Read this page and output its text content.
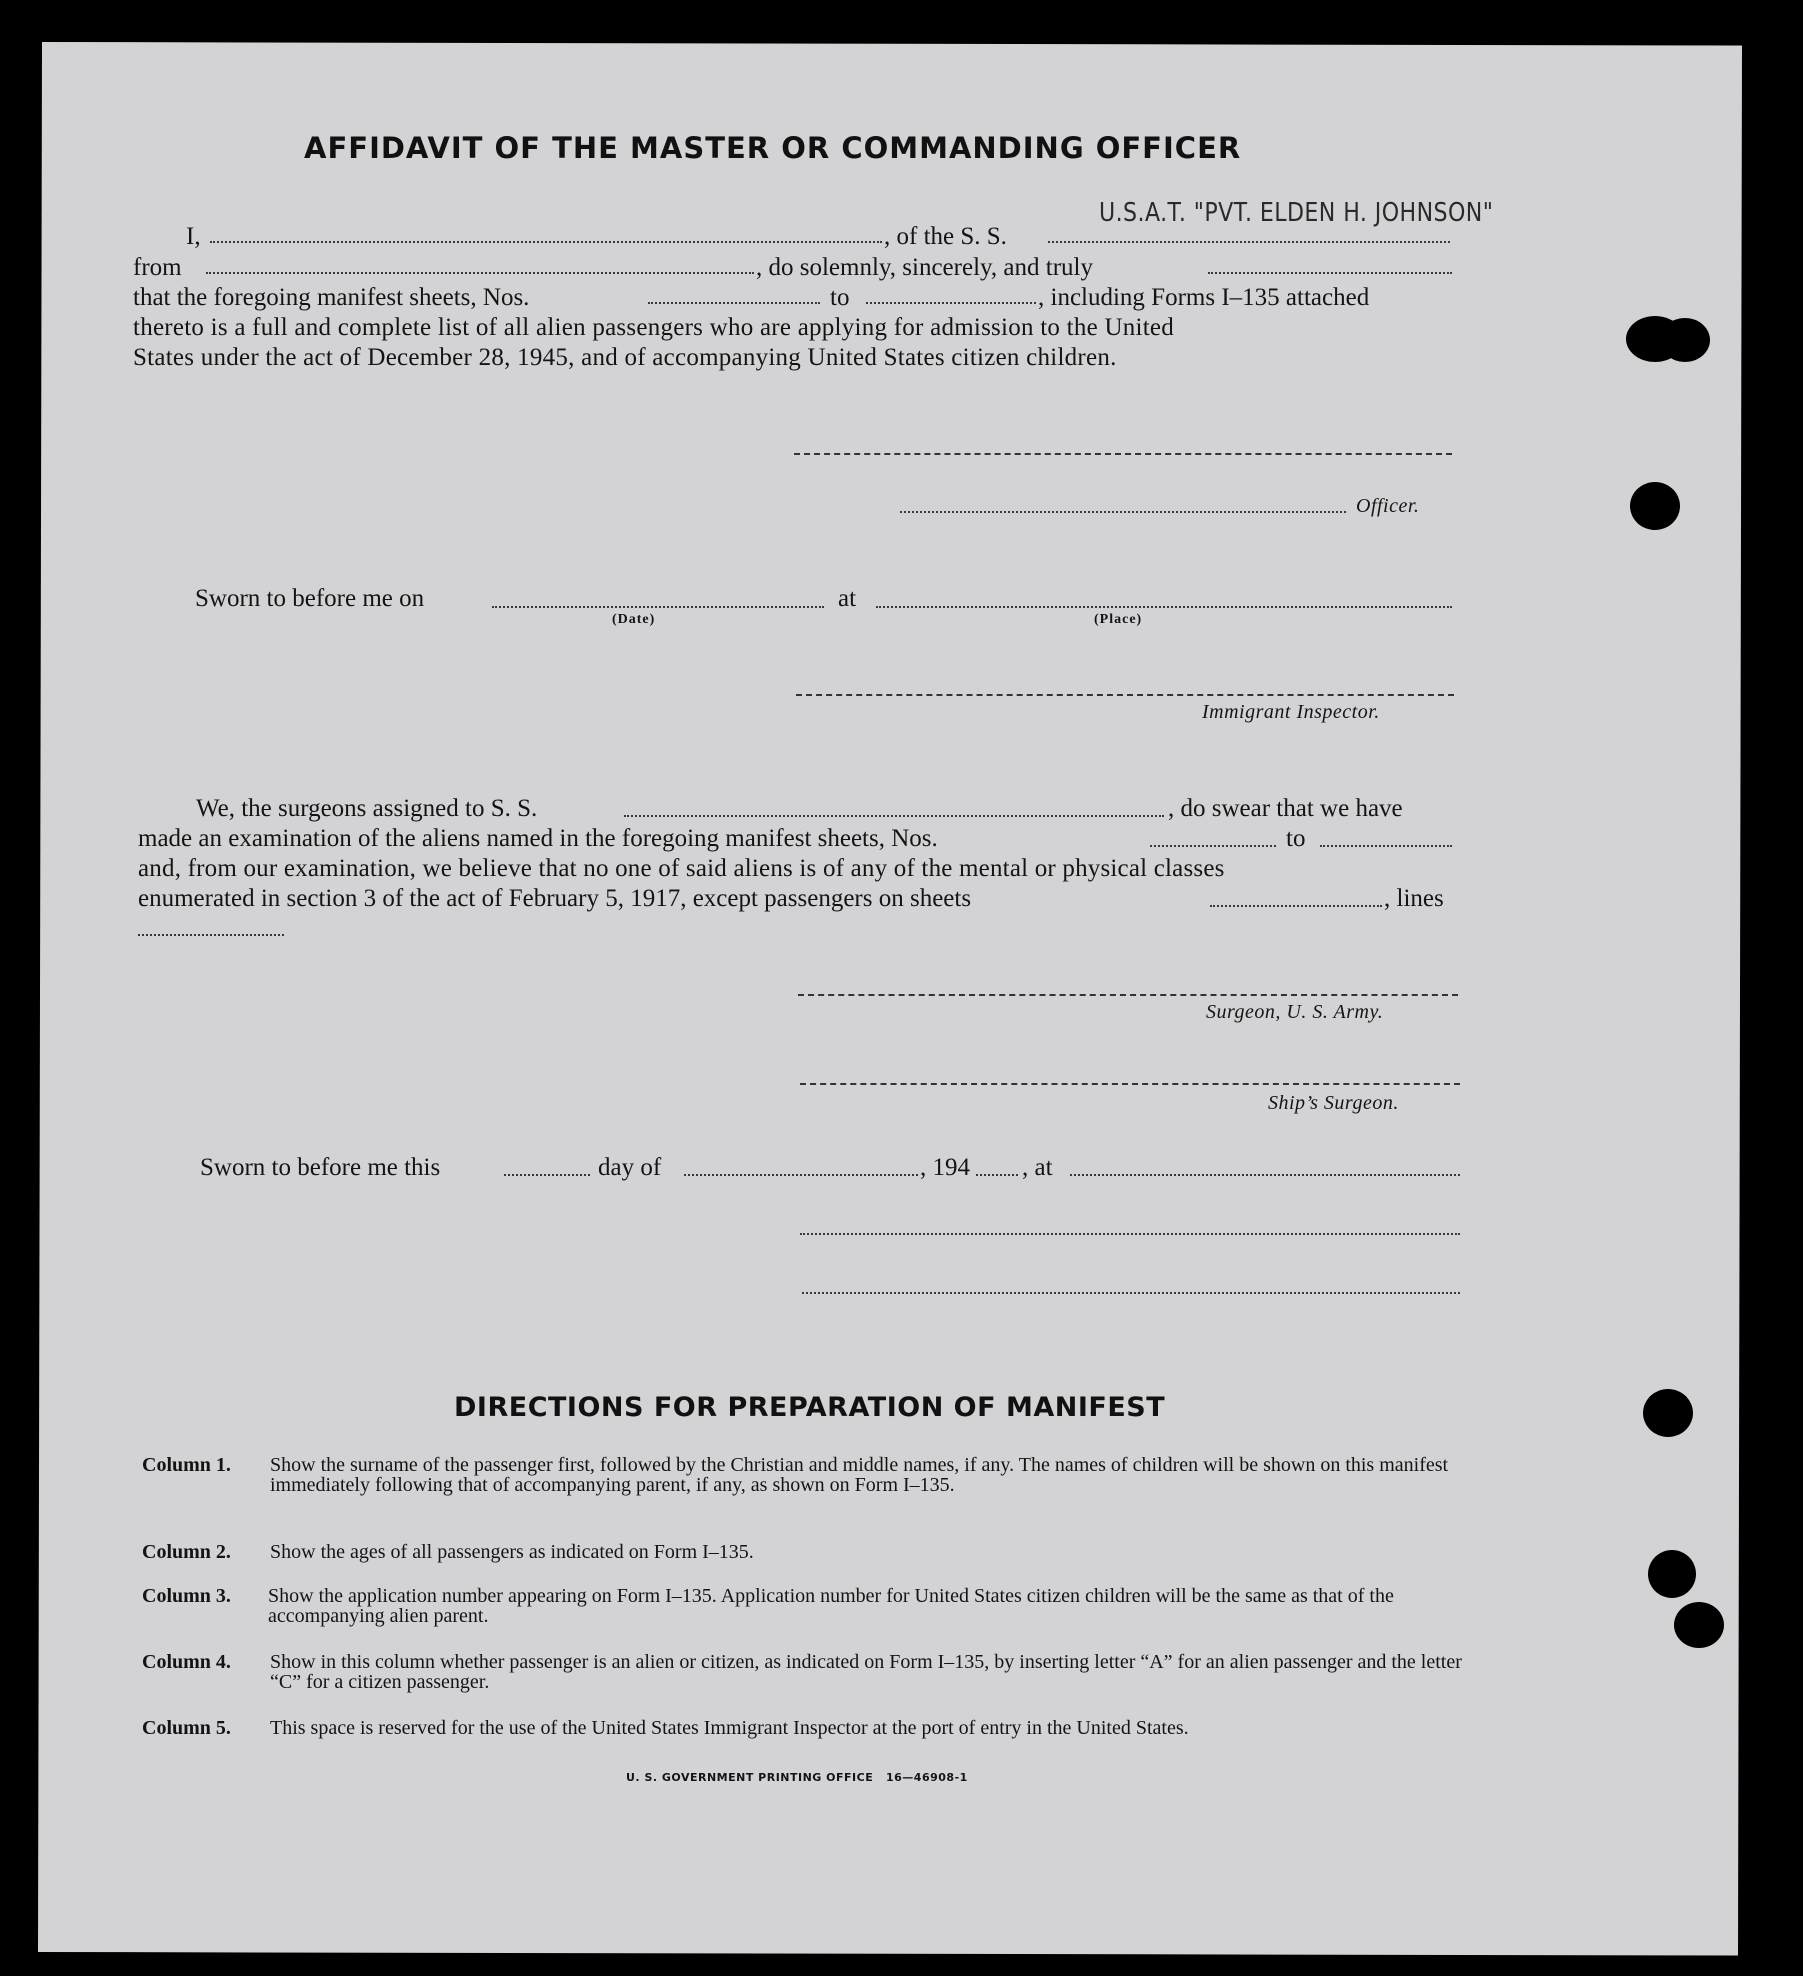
AFFIDAVIT OF THE MASTER OR COMMANDING OFFICER
U.S.A.T. "PVT. ELDEN H. JOHNSON"
I,	, of the S. S.
from	, do solemnly, sincerely, and truly
that the foregoing manifest sheets, Nos.	to	, including Forms I–135 attached
thereto is a full and complete list of all alien passengers who are applying for admission to the United
States under the act of December 28, 1945, and of accompanying United States citizen children.
Officer.
Sworn to before me on
(Date)
at
(Place)
Immigrant Inspector.
We, the surgeons assigned to S. S.	, do swear that we have
made an examination of the aliens named in the foregoing manifest sheets, Nos.	to
and, from our examination, we believe that no one of said aliens is of any of the mental or physical classes
enumerated in section 3 of the act of February 5, 1917, except passengers on sheets	, lines
Surgeon, U. S. Army.
Ship’s Surgeon.
Sworn to before me this	day of	, 194 , at
DIRECTIONS FOR PREPARATION OF MANIFEST
Column 1. Show the surname of the passenger first, followed by the Christian and middle names, if any. The names of children will be shown on this manifest immediately following that of accompanying parent, if any, as shown on Form I–135.
Column 2. Show the ages of all passengers as indicated on Form I–135.
Column 3. Show the application number appearing on Form I–135. Application number for United States citizen children will be the same as that of the accompanying alien parent.
Column 4. Show in this column whether passenger is an alien or citizen, as indicated on Form I–135, by inserting letter “A” for an alien passenger and the letter “C” for a citizen passenger.
Column 5. This space is reserved for the use of the United States Immigrant Inspector at the port of entry in the United States.
U. S. GOVERNMENT PRINTING OFFICE 16—46908-1
